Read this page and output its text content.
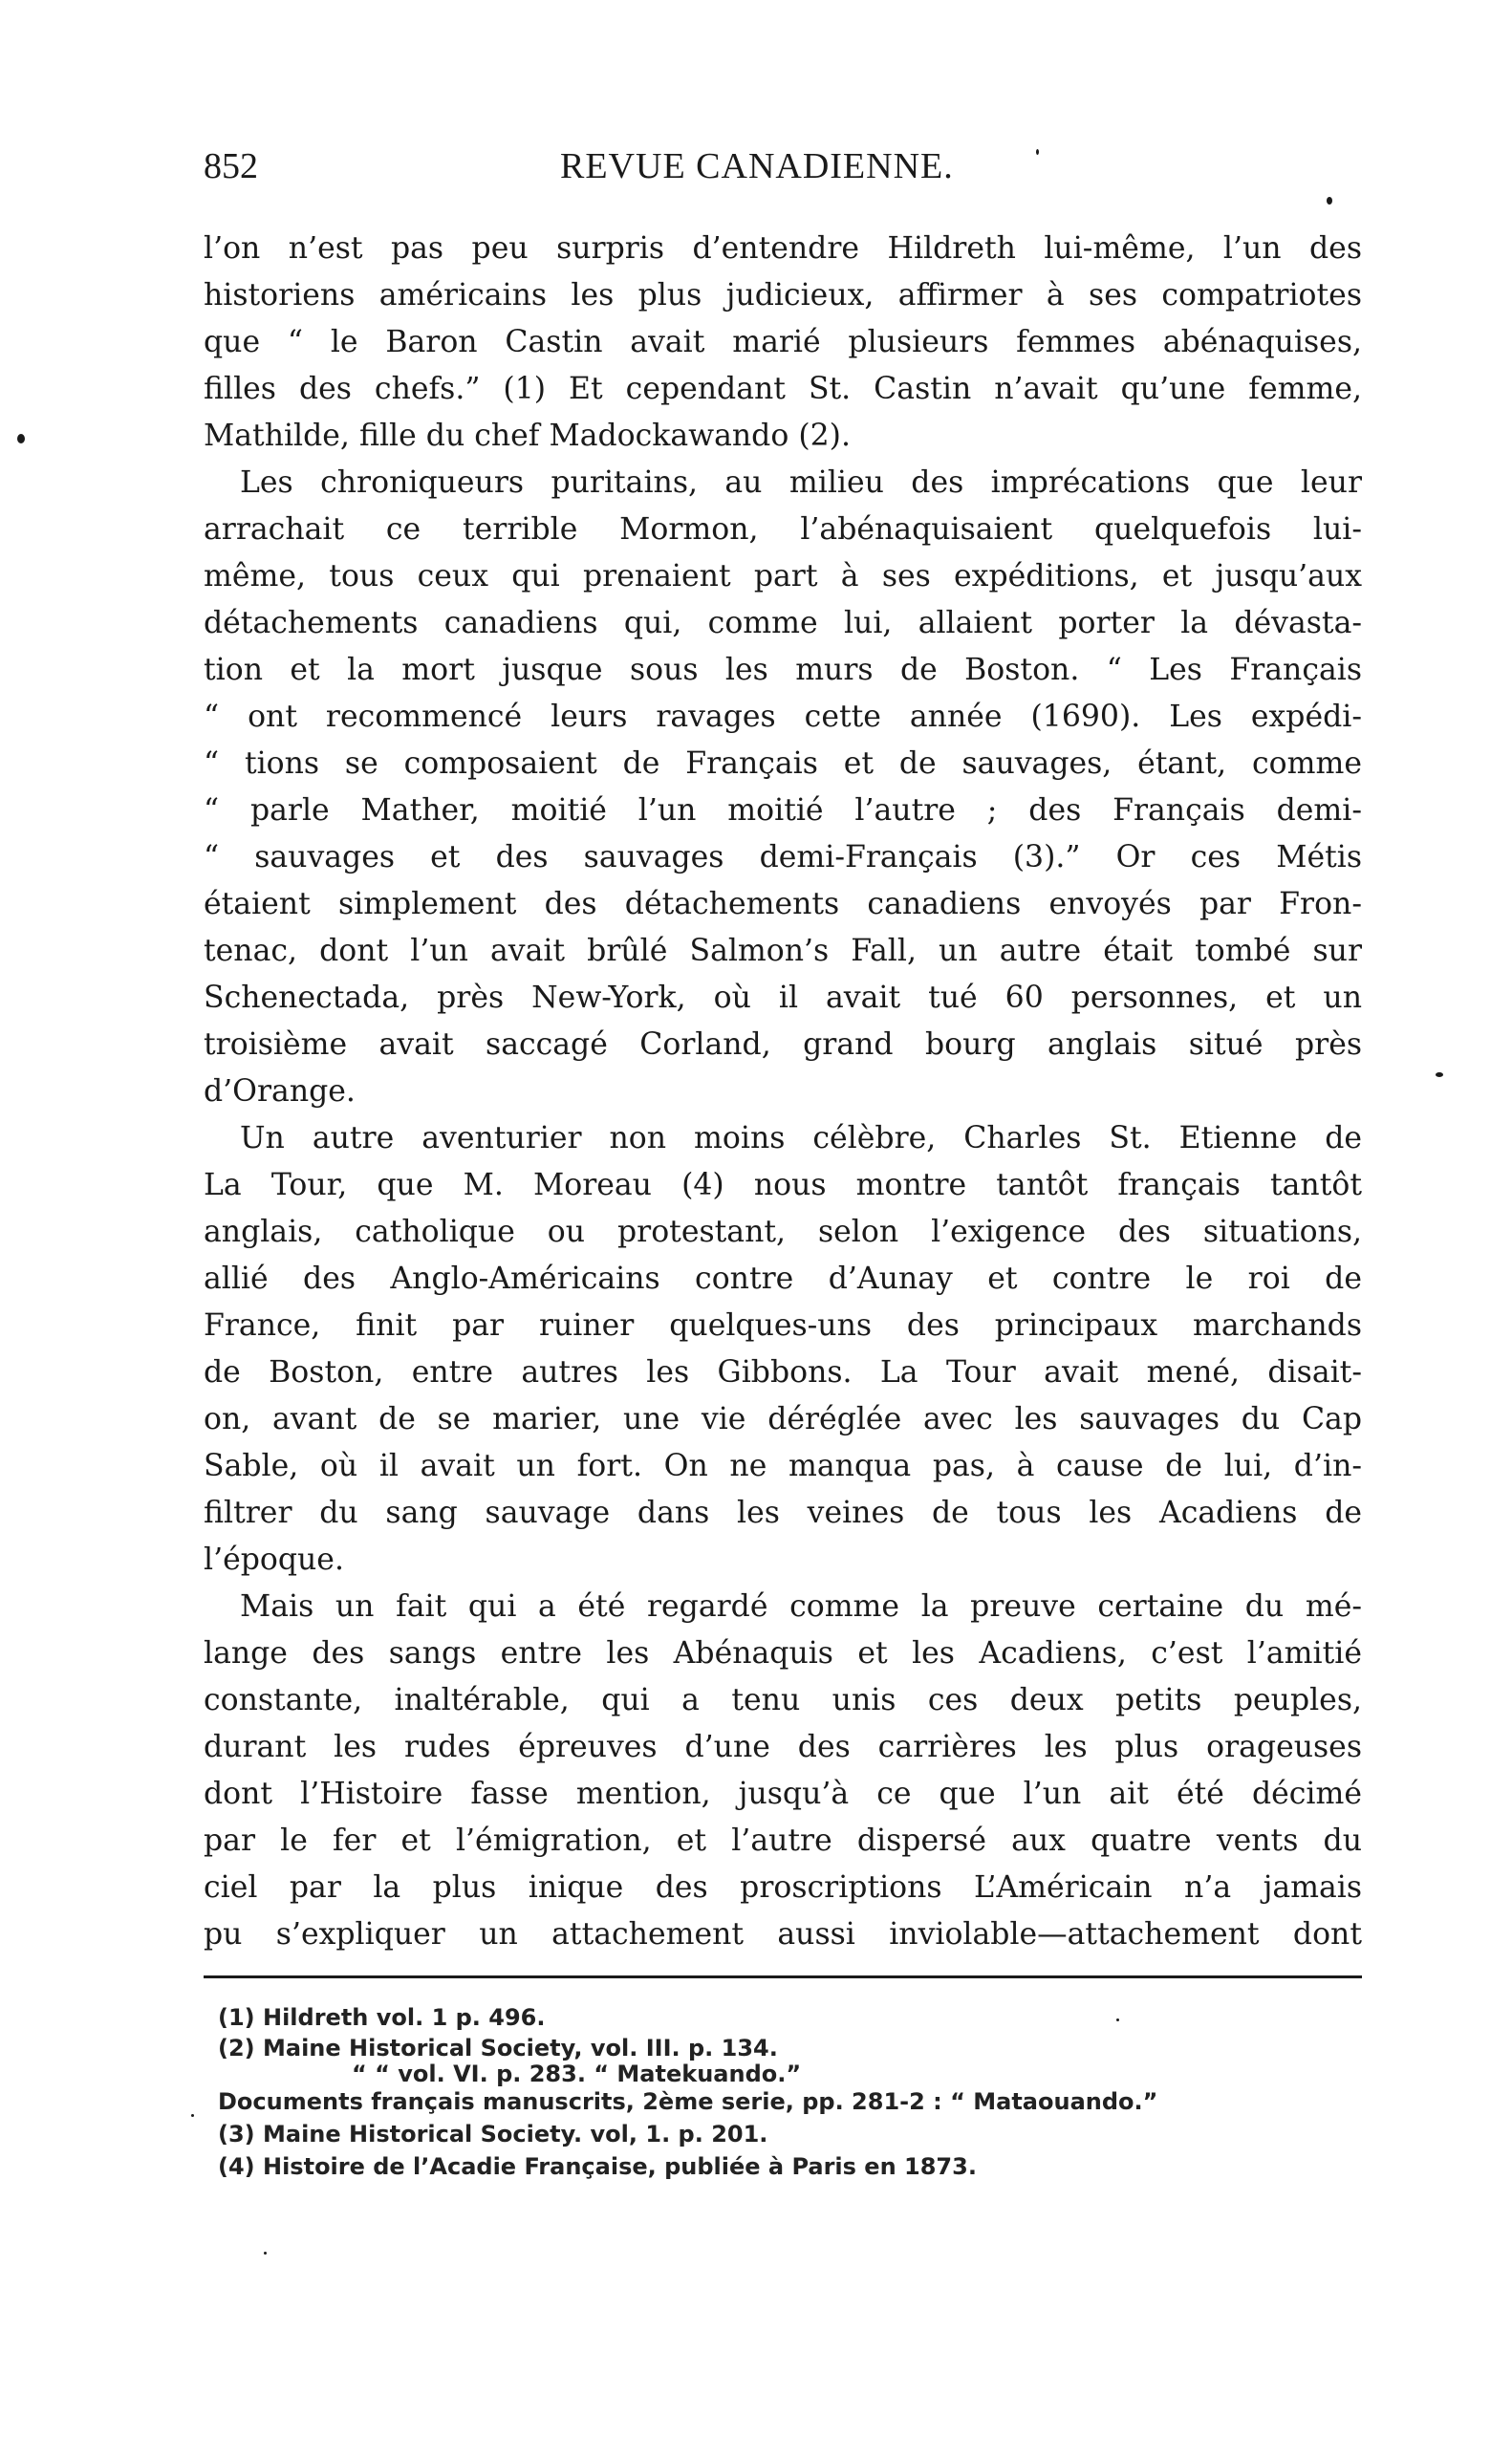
852	REVUE CANADIENNE.
l’on n’est pas peu surpris d’entendre Hildreth lui-même, l’un des
historiens américains les plus judicieux, affirmer à ses compatriotes
que “ le Baron Castin avait marié plusieurs femmes abénaquises,
filles des chefs.” (1) Et cependant St. Castin n’avait qu’une femme,
Mathilde, fille du chef Madockawando (2).
Les chroniqueurs puritains, au milieu des imprécations que leur
arrachait ce terrible Mormon, l’abénaquisaient quelquefois lui-
même, tous ceux qui prenaient part à ses expéditions, et jusqu’aux
détachements canadiens qui, comme lui, allaient porter la dévasta-
tion et la mort jusque sous les murs de Boston. “ Les Français
“ ont recommencé leurs ravages cette année (1690). Les expédi-
“ tions se composaient de Français et de sauvages, étant, comme
“ parle Mather, moitié l’un moitié l’autre ; des Français demi-
“ sauvages et des sauvages demi-Français (3).” Or ces Métis
étaient simplement des détachements canadiens envoyés par Fron-
tenac, dont l’un avait brûlé Salmon’s Fall, un autre était tombé sur
Schenectada, près New-York, où il avait tué 60 personnes, et un
troisième avait saccagé Corland, grand bourg anglais situé près
d’Orange.
Un autre aventurier non moins célèbre, Charles St. Etienne de
La Tour, que M. Moreau (4) nous montre tantôt français tantôt
anglais, catholique ou protestant, selon l’exigence des situations,
allié des Anglo-Américains contre d’Aunay et contre le roi de
France, finit par ruiner quelques-uns des principaux marchands
de Boston, entre autres les Gibbons. La Tour avait mené, disait-
on, avant de se marier, une vie déréglée avec les sauvages du Cap
Sable, où il avait un fort. On ne manqua pas, à cause de lui, d’in-
filtrer du sang sauvage dans les veines de tous les Acadiens de
l’époque.
Mais un fait qui a été regardé comme la preuve certaine du mé-
lange des sangs entre les Abénaquis et les Acadiens, c’est l’amitié
constante, inaltérable, qui a tenu unis ces deux petits peuples,
durant les rudes épreuves d’une des carrières les plus orageuses
dont l’Histoire fasse mention, jusqu’à ce que l’un ait été décimé
par le fer et l’émigration, et l’autre dispersé aux quatre vents du
ciel par la plus inique des proscriptions L’Américain n’a jamais
pu s’expliquer un attachement aussi inviolable—attachement dont
(1) Hildreth vol. 1 p. 496.
(2) Maine Historical Society, vol. III. p. 134.
“ “ vol. VI. p. 283. “ Matekuando.”
Documents français manuscrits, 2ème serie, pp. 281-2 : “ Mataouando.”
(3) Maine Historical Society. vol, 1. p. 201.
(4) Histoire de l’Acadie Française, publiée à Paris en 1873.
